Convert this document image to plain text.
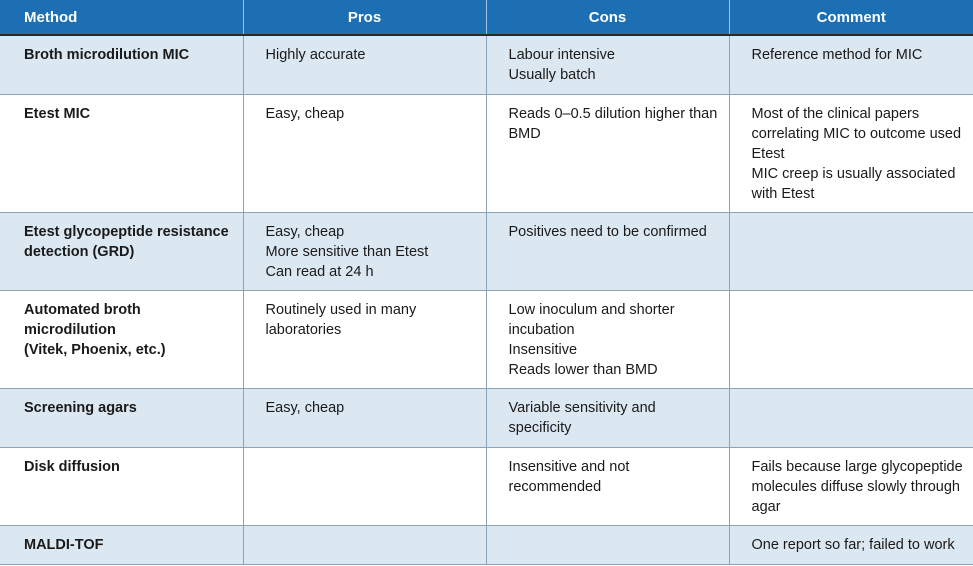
Method	Pros	Cons	Comment

Broth microdilution MIC	Highly accurate	Labour intensive
Usually batch	Reference method for MIC

Etest MIC	Easy, cheap	Reads 0–0.5 dilution higher than
BMD	Most of the clinical papers
correlating MIC to outcome used
Etest
MIC creep is usually associated
with Etest

Etest glycopeptide resistance
detection (GRD)	Easy, cheap
More sensitive than Etest
Can read at 24 h	Positives need to be confirmed	

Automated broth microdilution
(Vitek, Phoenix, etc.)	Routinely used in many
laboratories	Low inoculum and shorter
incubation
Insensitive
Reads lower than BMD	

Screening agars	Easy, cheap	Variable sensitivity and
specificity	

Disk diffusion		Insensitive and not
recommended	Fails because large glycopeptide
molecules diffuse slowly through
agar

MALDI-TOF			One report so far; failed to work
